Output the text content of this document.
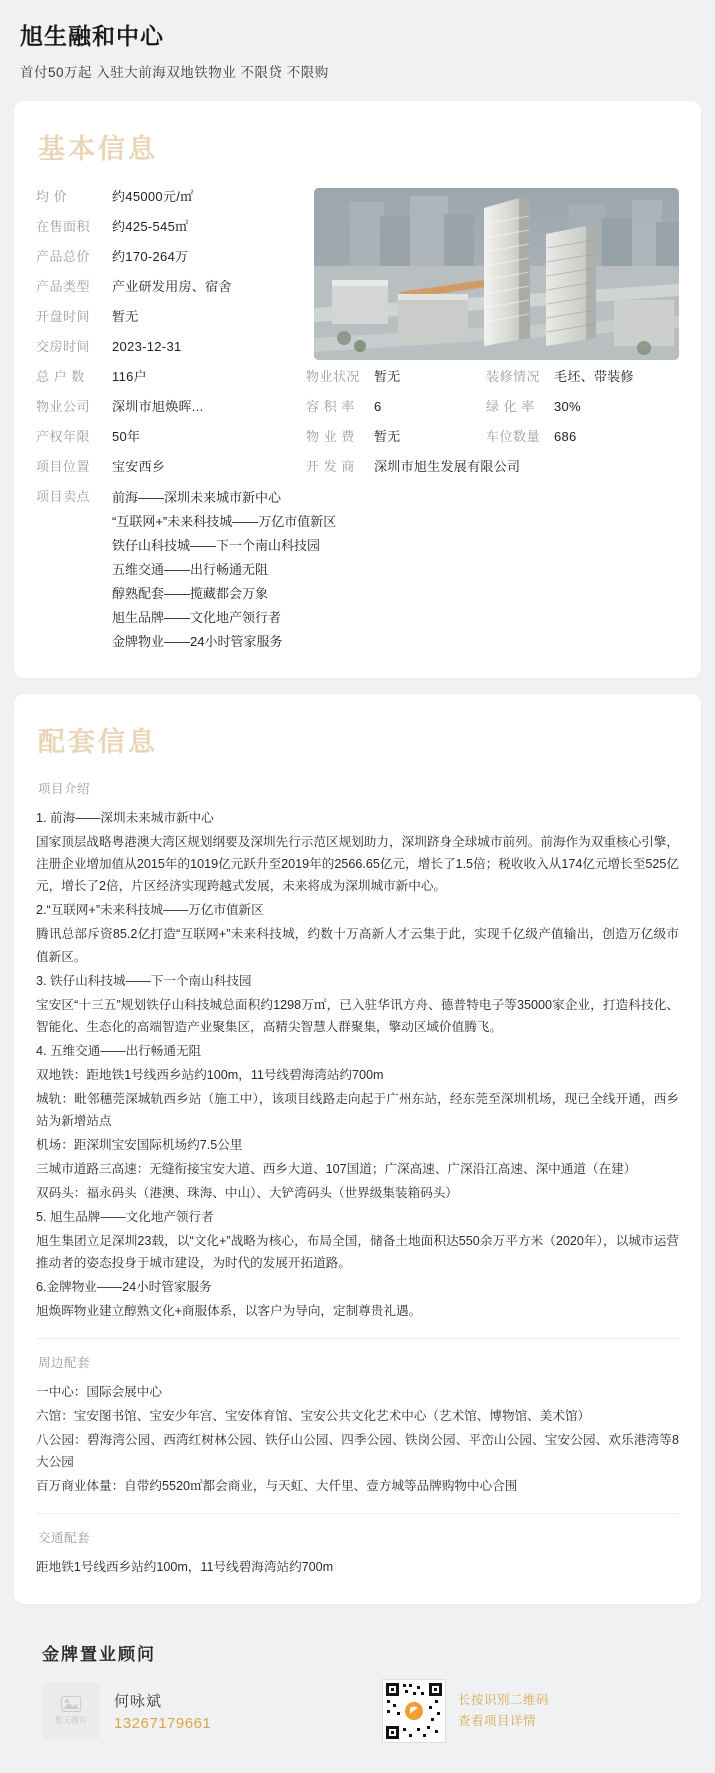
旭生融和中心
首付50万起 入驻大前海双地铁物业 不限贷 不限购
基本信息
均 价	约45000元/㎡
在售面积	约425-545㎡
产品总价	约170-264万
产品类型	产业研发用房、宿舍
开盘时间	暂无
交房时间	2023-12-31
总 户 数	116户	物业状况	暂无	装修情况	毛坯、带装修
物业公司	深圳市旭焕晖...	容 积 率	6	绿 化 率	30%
产权年限	50年	物 业 费	暂无	车位数量	686
项目位置	宝安西乡	开 发 商	深圳市旭生发展有限公司
项目卖点	前海——深圳未来城市新中心
“互联网+”未来科技城——万亿市值新区
铁仔山科技城——下一个南山科技园
五维交通——出行畅通无阻
醇熟配套——揽藏都会万象
旭生品牌——文化地产领行者
金牌物业——24小时管家服务
配套信息
项目介绍

1. 前海——深圳未来城市新中心

国家顶层战略粤港澳大湾区规划纲要及深圳先行示范区规划助力，深圳跻身全球城市前列。前海作为双重核心引擎，注册企业增加值从2015年的1019亿元跃升至2019年的2566.65亿元，增长了1.5倍；税收收入从174亿元增长至525亿元，增长了2倍，片区经济实现跨越式发展，未来将成为深圳城市新中心。

2.“互联网+”未来科技城——万亿市值新区

腾讯总部斥资85.2亿打造“互联网+”未来科技城，约数十万高新人才云集于此，实现千亿级产值输出，创造万亿级市值新区。

3. 铁仔山科技城——下一个南山科技园

宝安区“十三五”规划铁仔山科技城总面积约1298万㎡，已入驻华讯方舟、德普特电子等35000家企业，打造科技化、智能化、生态化的高端智造产业聚集区，高精尖智慧人群聚集，擎动区域价值腾飞。

4. 五维交通——出行畅通无阻

双地铁：距地铁1号线西乡站约100m，11号线碧海湾站约700m

城轨：毗邻穗莞深城轨西乡站（施工中），该项目线路走向起于广州东站，经东莞至深圳机场，现已全线开通，西乡站为新增站点

机场：距深圳宝安国际机场约7.5公里

三城市道路三高速：无缝衔接宝安大道、西乡大道、107国道；广深高速、广深沿江高速、深中通道（在建）

双码头：福永码头（港澳、珠海、中山）、大铲湾码头（世界级集装箱码头）

5. 旭生品牌——文化地产领行者

旭生集团立足深圳23载，以“文化+”战略为核心，布局全国，储备土地面积达550余万平方米（2020年），以城市运营推动者的姿态投身于城市建设，为时代的发展开拓道路。

6.金牌物业——24小时管家服务

旭焕晖物业建立醇熟文化+商服体系，以客户为导向，定制尊贵礼遇。

周边配套

一中心：国际会展中心

六馆：宝安图书馆、宝安少年宫、宝安体育馆、宝安公共文化艺术中心（艺术馆、博物馆、美术馆）

八公园：碧海湾公园、西湾红树林公园、铁仔山公园、四季公园、铁岗公园、平峦山公园、宝安公园、欢乐港湾等8大公园

百万商业体量：自带约5520㎡都会商业，与天虹、大仟里、壹方城等品牌购物中心合围

交通配套

距地铁1号线西乡站约100m，11号线碧海湾站约700m

金牌置业顾问
暂无图片
何咏斌
13267179661
长按识别二维码
查看项目详情
